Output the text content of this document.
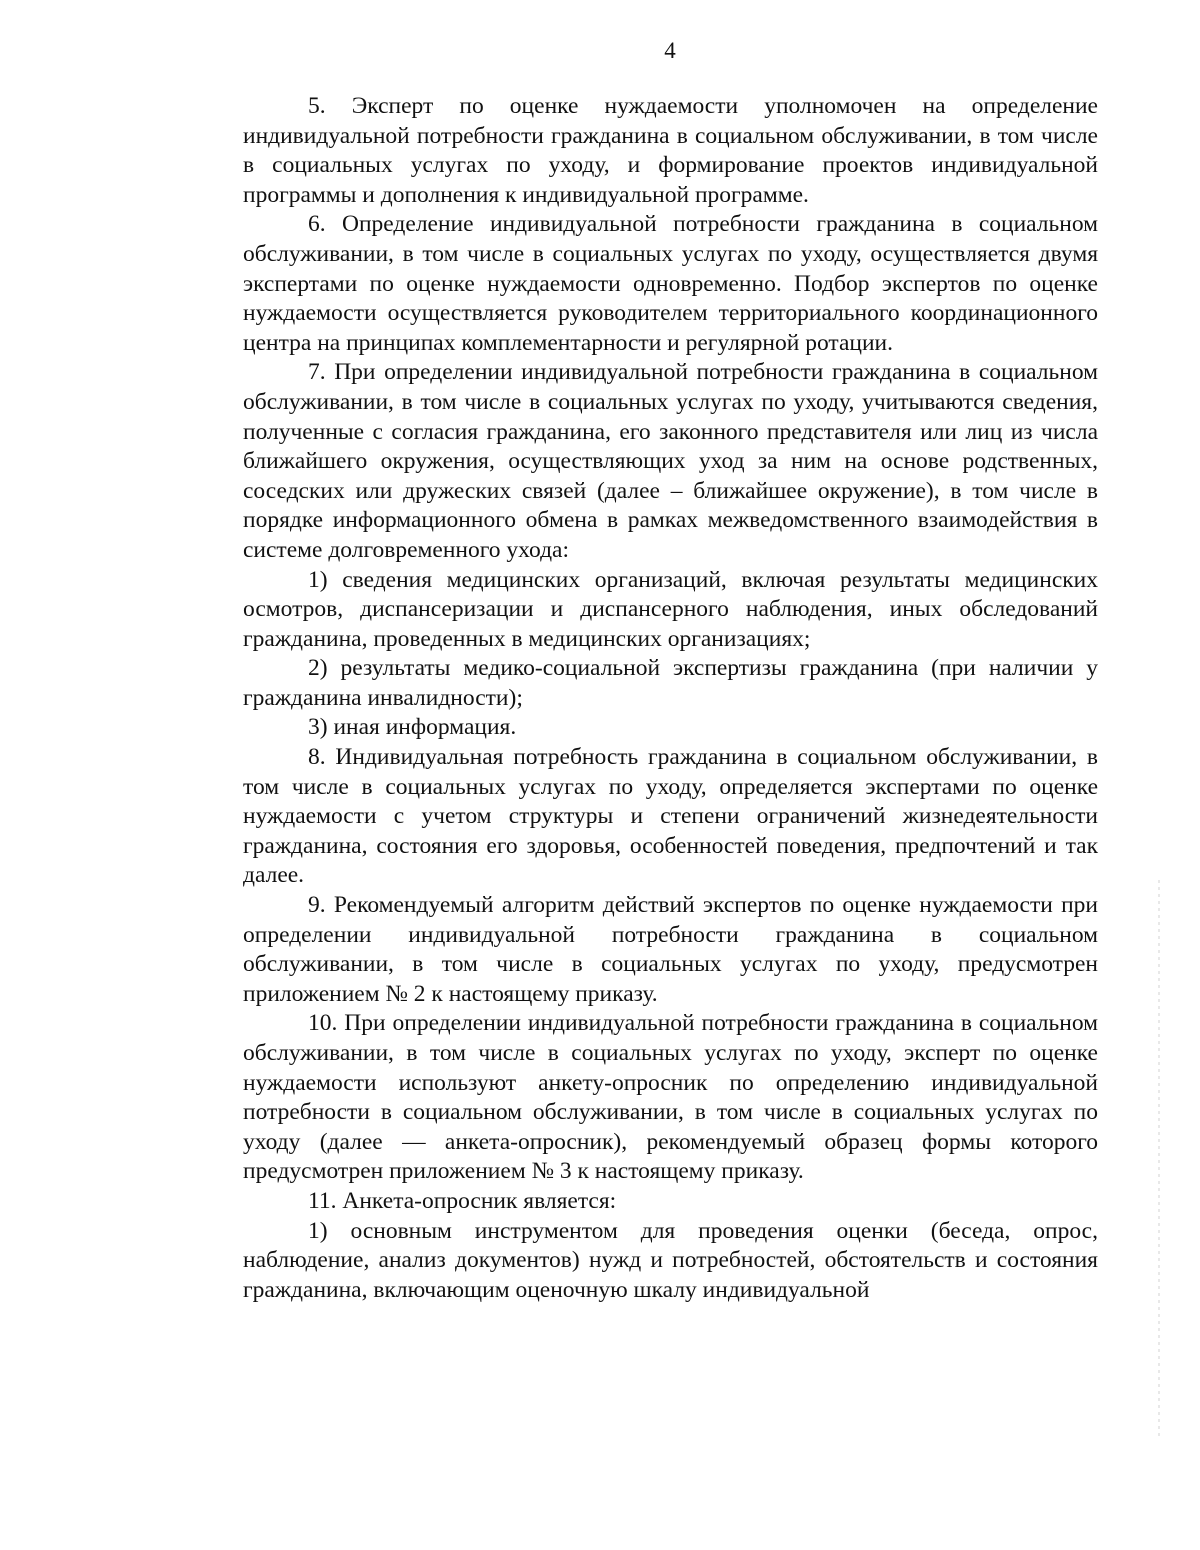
4

5. Эксперт по оценке нуждаемости уполномочен на определение индивидуальной потребности гражданина в социальном обслуживании, в том числе в социальных услугах по уходу, и формирование проектов индивидуальной программы и дополнения к индивидуальной программе.

6. Определение индивидуальной потребности гражданина в социальном обслуживании, в том числе в социальных услугах по уходу, осуществляется двумя экспертами по оценке нуждаемости одновременно. Подбор экспертов по оценке нуждаемости осуществляется руководителем территориального координационного центра на принципах комплементарности и регулярной ротации.

7. При определении индивидуальной потребности гражданина в социальном обслуживании, в том числе в социальных услугах по уходу, учитываются сведения, полученные с согласия гражданина, его законного представителя или лиц из числа ближайшего окружения, осуществляющих уход за ним на основе родственных, соседских или дружеских связей (далее – ближайшее окружение), в том числе в порядке информационного обмена в рамках межведомственного взаимодействия в системе долговременного ухода:

1) сведения медицинских организаций, включая результаты медицинских осмотров, диспансеризации и диспансерного наблюдения, иных обследований гражданина, проведенных в медицинских организациях;

2) результаты медико-социальной экспертизы гражданина (при наличии у гражданина инвалидности);

3) иная информация.

8. Индивидуальная потребность гражданина в социальном обслуживании, в том числе в социальных услугах по уходу, определяется экспертами по оценке нуждаемости с учетом структуры и степени ограничений жизнедеятельности гражданина, состояния его здоровья, особенностей поведения, предпочтений и так далее.

9. Рекомендуемый алгоритм действий экспертов по оценке нуждаемости при определении индивидуальной потребности гражданина в социальном обслуживании, в том числе в социальных услугах по уходу, предусмотрен приложением № 2 к настоящему приказу.

10. При определении индивидуальной потребности гражданина в социальном обслуживании, в том числе в социальных услугах по уходу, эксперт по оценке нуждаемости используют анкету-опросник по определению индивидуальной потребности в социальном обслуживании, в том числе в социальных услугах по уходу (далее — анкета-опросник), рекомендуемый образец формы которого предусмотрен приложением № 3 к настоящему приказу.

11. Анкета-опросник является:

1) основным инструментом для проведения оценки (беседа, опрос, наблюдение, анализ документов) нужд и потребностей, обстоятельств и состояния гражданина, включающим оценочную шкалу индивидуальной
